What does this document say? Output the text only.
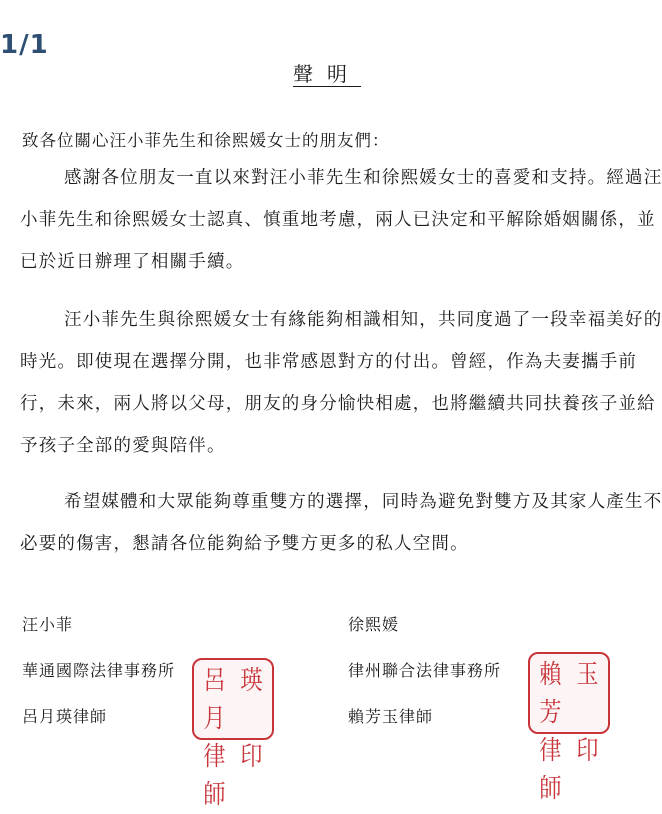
1/1
聲明
致各位關心汪小菲先生和徐熙媛女士的朋友們：
感謝各位朋友一直以來對汪小菲先生和徐熙媛女士的喜愛和支持。經過汪
小菲先生和徐熙媛女士認真、慎重地考慮，兩人已決定和平解除婚姻關係，並
已於近日辦理了相關手續。
汪小菲先生與徐熙媛女士有緣能夠相識相知，共同度過了一段幸福美好的
時光。即使現在選擇分開，也非常感恩對方的付出。曾經，作為夫妻攜手前
行，未來，兩人將以父母，朋友的身分愉快相處，也將繼續共同扶養孩子並給
予孩子全部的愛與陪伴。
希望媒體和大眾能夠尊重雙方的選擇，同時為避免對雙方及其家人產生不
必要的傷害，懇請各位能夠給予雙方更多的私人空間。
汪小菲
華通國際法律事務所
呂月瑛律師
呂月
瑛
律師
印
徐熙媛
律州聯合法律事務所
賴芳玉律師
賴芳
玉
律師
印
